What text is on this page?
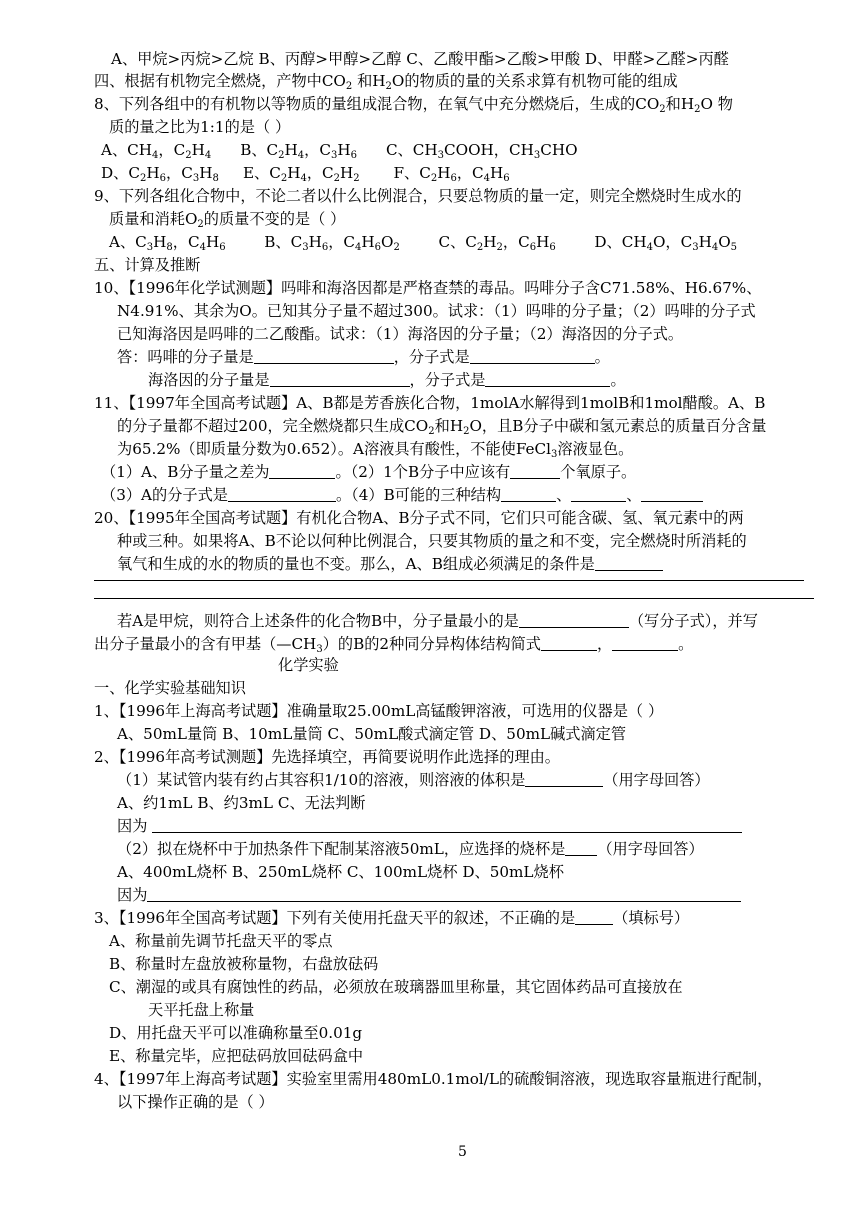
A、甲烷>丙烷>乙烷 B、丙醇>甲醇>乙醇 C、乙酸甲酯>乙酸>甲酸 D、甲醛>乙醛>丙醛
四、根据有机物完全燃烧，产物中$CO_2$ 和$H_2O$的物质的量的关系求算有机物可能的组成
8、下列各组中的有机物以等物质的量组成混合物，在氧气中充分燃烧后，生成的$CO_2$和$H_2O$ 物
质的量之比为1:1的是（ ）
A、$CH_4$，$C_2H_4$ B、$C_2H_4$，$C_3H_6$ C、$CH_3COOH$，$CH_3CHO$
D、$C_2H_6$，$C_3H_8$ E、$C_2H_4$，$C_2H_2$ F、$C_2H_6$，$C_4H_6$
9、下列各组化合物中，不论二者以什么比例混合，只要总物质的量一定，则完全燃烧时生成水的
质量和消耗$O_2$的质量不变的是（ ）
A、$C_3H_8$，$C_4H_6$	B、$C_3H_6$，$C_4H_6O_2$	C、$C_2H_2$，$C_6H_6$	D、$CH_4O$，$C_3H_4O_5$
五、计算及推断
10、【1996年化学试测题】吗啡和海洛因都是严格查禁的毒品。吗啡分子含C71.58%、H6.67%、
N4.91%、其余为O。已知其分子量不超过300。试求：（1）吗啡的分子量；（2）吗啡的分子式
已知海洛因是吗啡的二乙酸酯。试求：（1）海洛因的分子量；（2）海洛因的分子式。
答：吗啡的分子量是	，分子式是	。
海洛因的分子量是	，分子式是	。
11、【1997年全国高考试题】A、B都是芳香族化合物，1molA水解得到1molB和1mol醋酸。A、B
的分子量都不超过200，完全燃烧都只生成$CO_2$和$H_2O$，且B分子中碳和氢元素总的质量百分含量
为65.2%（即质量分数为0.652）。A溶液具有酸性，不能使FeCl$_3$溶液显色。
（1）A、B分子量之差为	。（2）1个B分子中应该有	个氧原子。
（3）A的分子式是	。（4）B可能的三种结构	、	、
20、【1995年全国高考试题】有机化合物A、B分子式不同，它们只可能含碳、氢、氧元素中的两
种或三种。如果将A、B不论以何种比例混合，只要其物质的量之和不变，完全燃烧时所消耗的
氧气和生成的水的物质的量也不变。那么，A、B组成必须满足的条件是
若A是甲烷，则符合上述条件的化合物B中，分子量最小的是	（写分子式），并写
出分子量最小的含有甲基$(—CH_3)$的B的2种同分异构体结构简式	，	。
化学实验
一、化学实验基础知识
1、【1996年上海高考试题】准确量取25.00mL高锰酸钾溶液，可选用的仪器是（ ）
A、50mL量筒 B、10mL量筒 C、50mL酸式滴定管 D、50mL碱式滴定管
2、【1996年高考试测题】先选择填空，再简要说明作此选择的理由。
（1）某试管内装有约占其容积1/10的溶液，则溶液的体积是	（用字母回答）
A、约1mL B、约3mL C、无法判断
因为
（2）拟在烧杯中于加热条件下配制某溶液50mL，应选择的烧杯是 （用字母回答）
A、400mL烧杯 B、250mL烧杯 C、100mL烧杯 D、50mL烧杯
因为
3、【1996年全国高考试题】下列有关使用托盘天平的叙述，不正确的是	（填标号）
A、称量前先调节托盘天平的零点
B、称量时左盘放被称量物，右盘放砝码
C、潮湿的或具有腐蚀性的药品，必须放在玻璃器皿里称量，其它固体药品可直接放在
天平托盘上称量
D、用托盘天平可以准确称量至0.01g
E、称量完毕，应把砝码放回砝码盒中
4、【1997年上海高考试题】实验室里需用480mL0.1mol/L的硫酸铜溶液，现选取容量瓶进行配制，
以下操作正确的是（ ）
5
